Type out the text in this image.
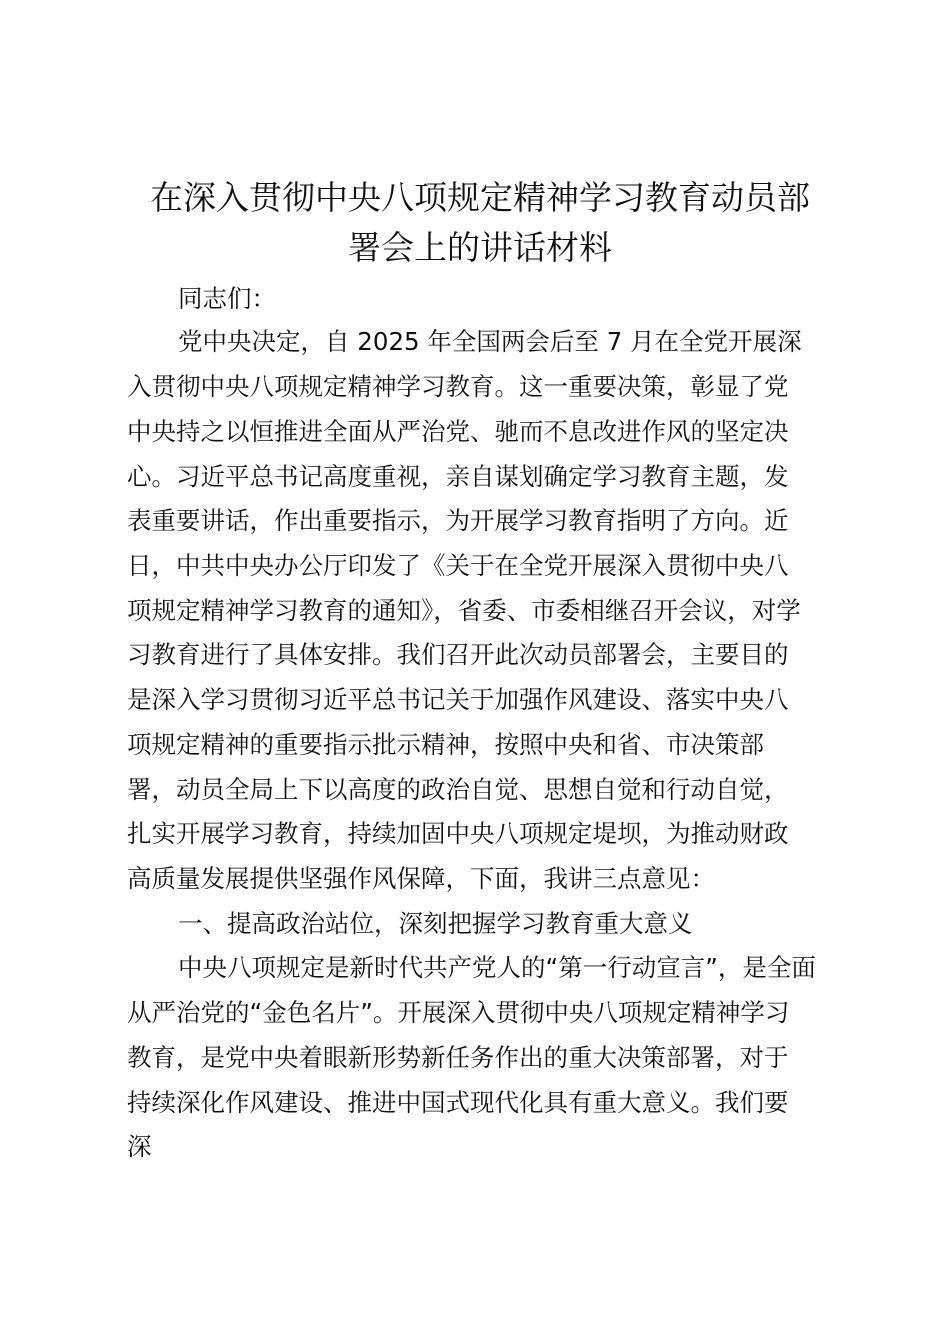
在深入贯彻中央八项规定精神学习教育动员部
署会上的讲话材料
同志们：
党中央决定，自 2025 年全国两会后至 7 月在全党开展深
入贯彻中央八项规定精神学习教育。这一重要决策，彰显了党
中央持之以恒推进全面从严治党、驰而不息改进作风的坚定决
心。习近平总书记高度重视，亲自谋划确定学习教育主题，发
表重要讲话，作出重要指示，为开展学习教育指明了方向。近
日，中共中央办公厅印发了《关于在全党开展深入贯彻中央八
项规定精神学习教育的通知》，省委、市委相继召开会议，对学
习教育进行了具体安排。我们召开此次动员部署会，主要目的
是深入学习贯彻习近平总书记关于加强作风建设、落实中央八
项规定精神的重要指示批示精神，按照中央和省、市决策部
署，动员全局上下以高度的政治自觉、思想自觉和行动自觉，
扎实开展学习教育，持续加固中央八项规定堤坝，为推动财政
高质量发展提供坚强作风保障，下面，我讲三点意见：
一、提高政治站位，深刻把握学习教育重大意义
中央八项规定是新时代共产党人的“第一行动宣言”，是全面
从严治党的“金色名片”。开展深入贯彻中央八项规定精神学习
教育，是党中央着眼新形势新任务作出的重大决策部署，对于
持续深化作风建设、推进中国式现代化具有重大意义。我们要
深
